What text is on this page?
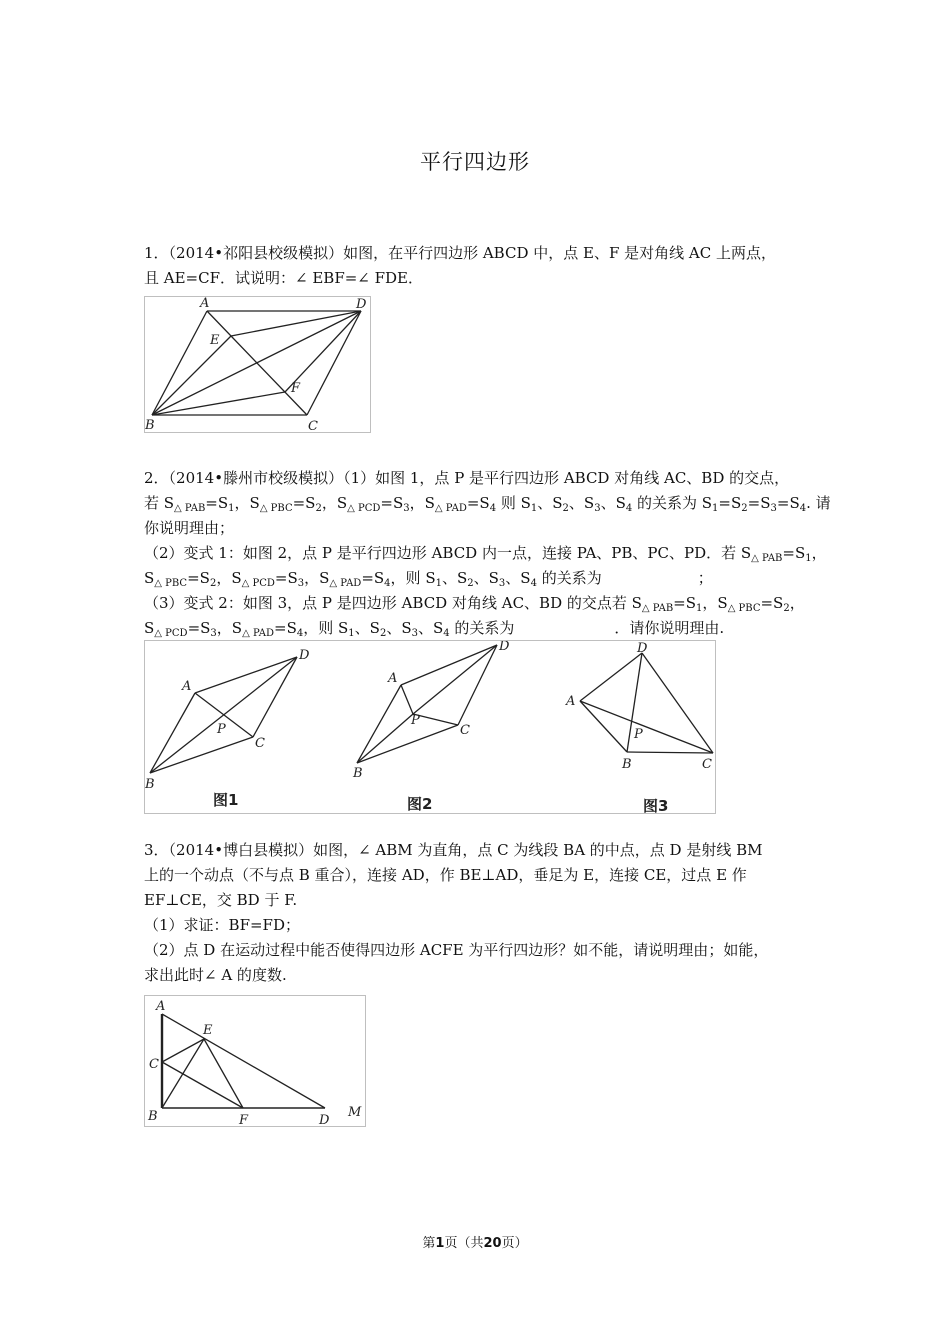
平行四边形
1．（2014•祁阳县校级模拟）如图，在平行四边形 ABCD 中，点 E、F 是对角线 AC 上两点，
且 AE=CF．试说明：∠ EBF=∠ FDE．
A	D
E
F
B	C
2．（2014•滕州市校级模拟）（1）如图 1，点 P 是平行四边形 ABCD 对角线 AC、BD 的交点，
若 $S_{\triangle PAB}=S_1$，$S_{\triangle PBC}=S_2$，$S_{\triangle PCD}=S_3$，$S_{\triangle PAD}=S_4$ 则 $S_1$、$S_2$、$S_3$、$S_4$ 的关系为 $S_1=S_2=S_3=S_4$. 请
你说明理由；
（2）变式 1：如图 2，点 P 是平行四边形 ABCD 内一点，连接 PA、PB、PC、PD．若 $S_{\triangle PAB}=S_1$，
$S_{\triangle PBC}=S_2$，$S_{\triangle PCD}=S_3$，$S_{\triangle PAD}=S_4$，则 $S_1$、$S_2$、$S_3$、$S_4$ 的关系为	；
（3）变式 2：如图 3，点 P 是四边形 ABCD 对角线 AC、BD 的交点若 $S_{\triangle PAB}=S_1$，$S_{\triangle PBC}=S_2$，
$S_{\triangle PCD}=S_3$，$S_{\triangle PAD}=S_4$，则 $S_1$、$S_2$、$S_3$、$S_4$ 的关系为	．请你说明理由.
A
D
P
C
B
图1
A
D
P
C
B
图2
D
A
P
B	C
图3
3．（2014•博白县模拟）如图，∠ ABM 为直角，点 C 为线段 BA 的中点，点 D 是射线 BM
上的一个动点（不与点 B 重合），连接 AD，作 BE⊥AD，垂足为 E，连接 CE，过点 E 作
EF⊥CE，交 BD 于 F.
（1）求证：BF=FD；
（2）点 D 在运动过程中能否使得四边形 ACFE 为平行四边形？如不能，请说明理由；如能，
求出此时∠ A 的度数.
A
E
C
B	F	D
M
第1页（共20页）
